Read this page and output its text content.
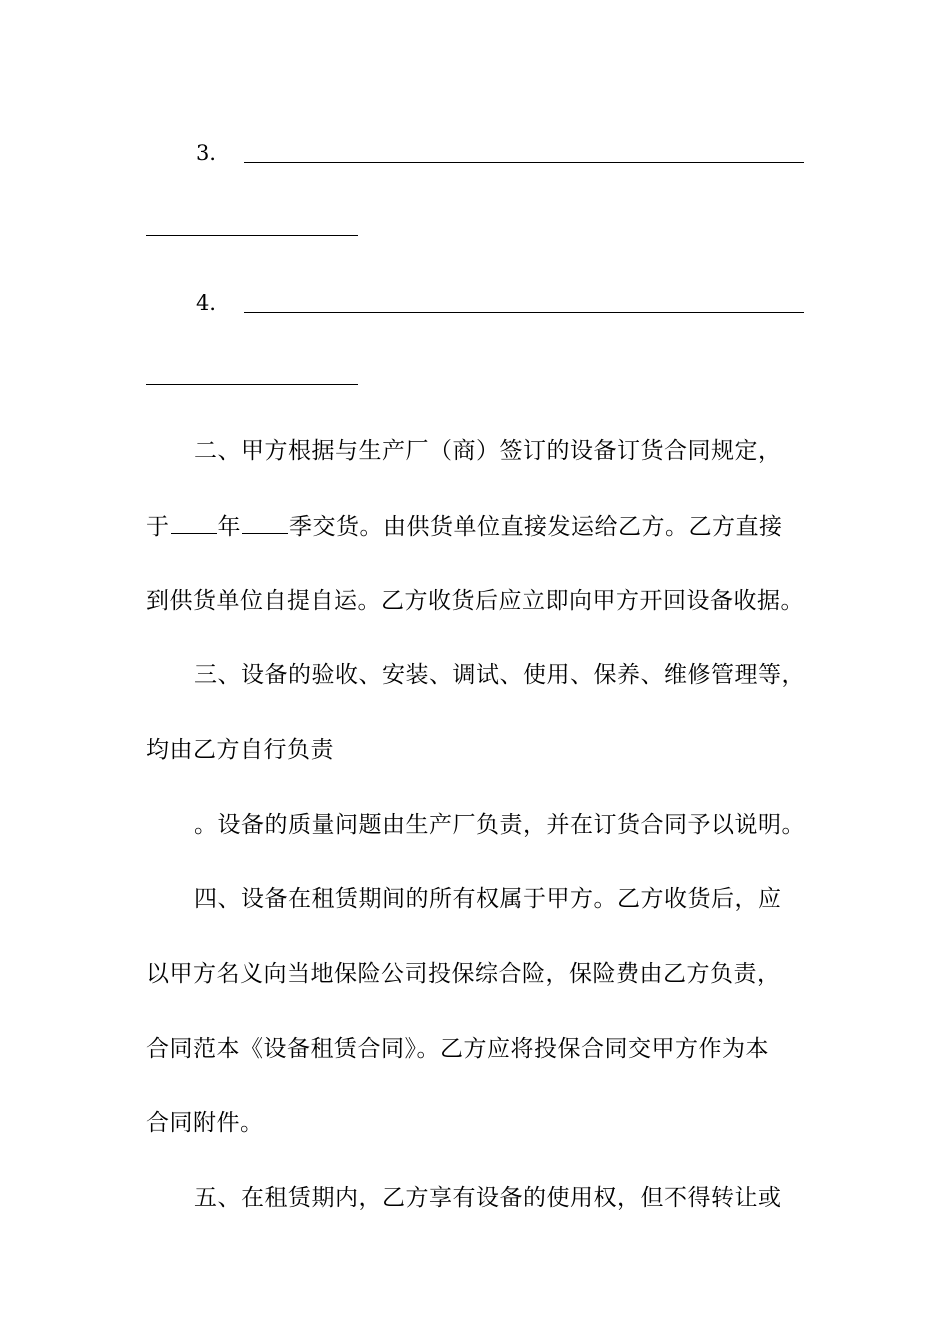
3．
4．
二、甲方根据与生产厂（商）签订的设备订货合同规定，
于 年 季交货。由供货单位直接发运给乙方。乙方直接
到供货单位自提自运。乙方收货后应立即向甲方开回设备收据。
三、设备的验收、安装、调试、使用、保养、维修管理等，
均由乙方自行负责
。设备的质量问题由生产厂负责，并在订货合同予以说明。
四、设备在租赁期间的所有权属于甲方。乙方收货后，应
以甲方名义向当地保险公司投保综合险，保险费由乙方负责，
合同范本《设备租赁合同》。乙方应将投保合同交甲方作为本
合同附件。
五、在租赁期内，乙方享有设备的使用权，但不得转让或
